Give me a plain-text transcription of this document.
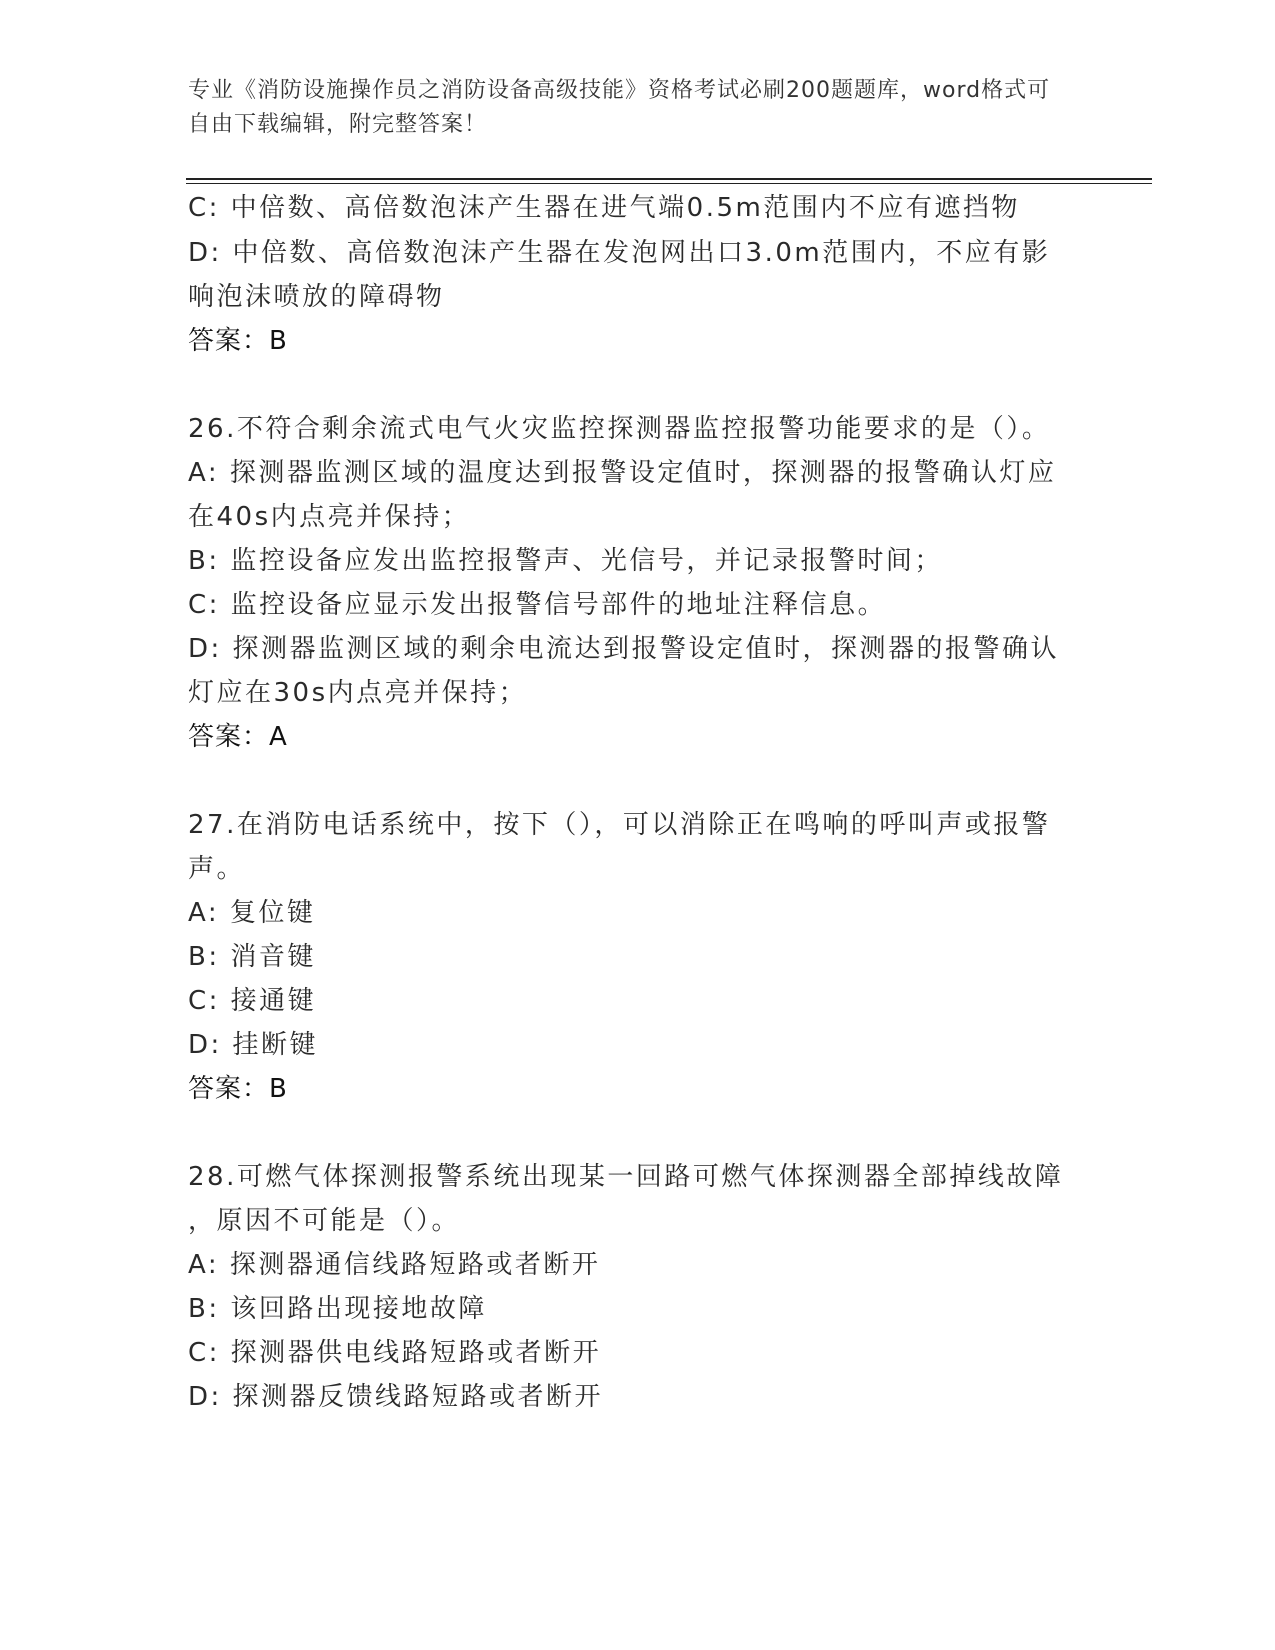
专业《消防设施操作员之消防设备高级技能》资格考试必刷200题题库，word格式可自由下载编辑，附完整答案！
C: 中倍数、高倍数泡沫产生器在进气端0.5m范围内不应有遮挡物
D: 中倍数、高倍数泡沫产生器在发泡网出口3.0m范围内，不应有影
响泡沫喷放的障碍物
答案：B
26.不符合剩余流式电气火灾监控探测器监控报警功能要求的是（）。
A: 探测器监测区域的温度达到报警设定值时，探测器的报警确认灯应
在40s内点亮并保持；
B: 监控设备应发出监控报警声、光信号，并记录报警时间；
C: 监控设备应显示发出报警信号部件的地址注释信息。
D: 探测器监测区域的剩余电流达到报警设定值时，探测器的报警确认
灯应在30s内点亮并保持；
答案：A
27.在消防电话系统中，按下（），可以消除正在鸣响的呼叫声或报警
声。
A: 复位键
B: 消音键
C: 接通键
D: 挂断键
答案：B
28.可燃气体探测报警系统出现某一回路可燃气体探测器全部掉线故障
，原因不可能是（）。
A: 探测器通信线路短路或者断开
B: 该回路出现接地故障
C: 探测器供电线路短路或者断开
D: 探测器反馈线路短路或者断开
